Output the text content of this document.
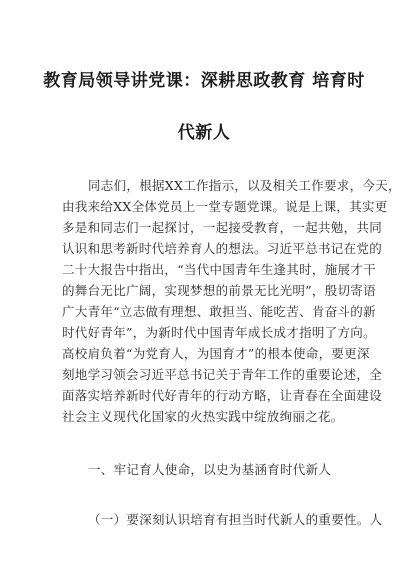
教育局领导讲党课：深耕思政教育 培育时
代新人
同志们，根据XX工作指示，以及相关工作要求，今天，
由我来给XX全体党员上一堂专题党课。说是上课，其实更
多是和同志们一起探讨，一起接受教育，一起共勉，共同
认识和思考新时代培养育人的想法。习近平总书记在党的
二十大报告中指出，“当代中国青年生逢其时，施展才干
的舞台无比广阔，实现梦想的前景无比光明”，殷切寄语
广大青年“立志做有理想、敢担当、能吃苦、肯奋斗的新
时代好青年”，为新时代中国青年成长成才指明了方向。
高校肩负着“为党育人，为国育才”的根本使命，要更深
刻地学习领会习近平总书记关于青年工作的重要论述，全
面落实培养新时代好青年的行动方略，让青春在全面建设
社会主义现代化国家的火热实践中绽放绚丽之花。
一、牢记育人使命，以史为基涵育时代新人
（一）要深刻认识培育有担当时代新人的重要性。人
